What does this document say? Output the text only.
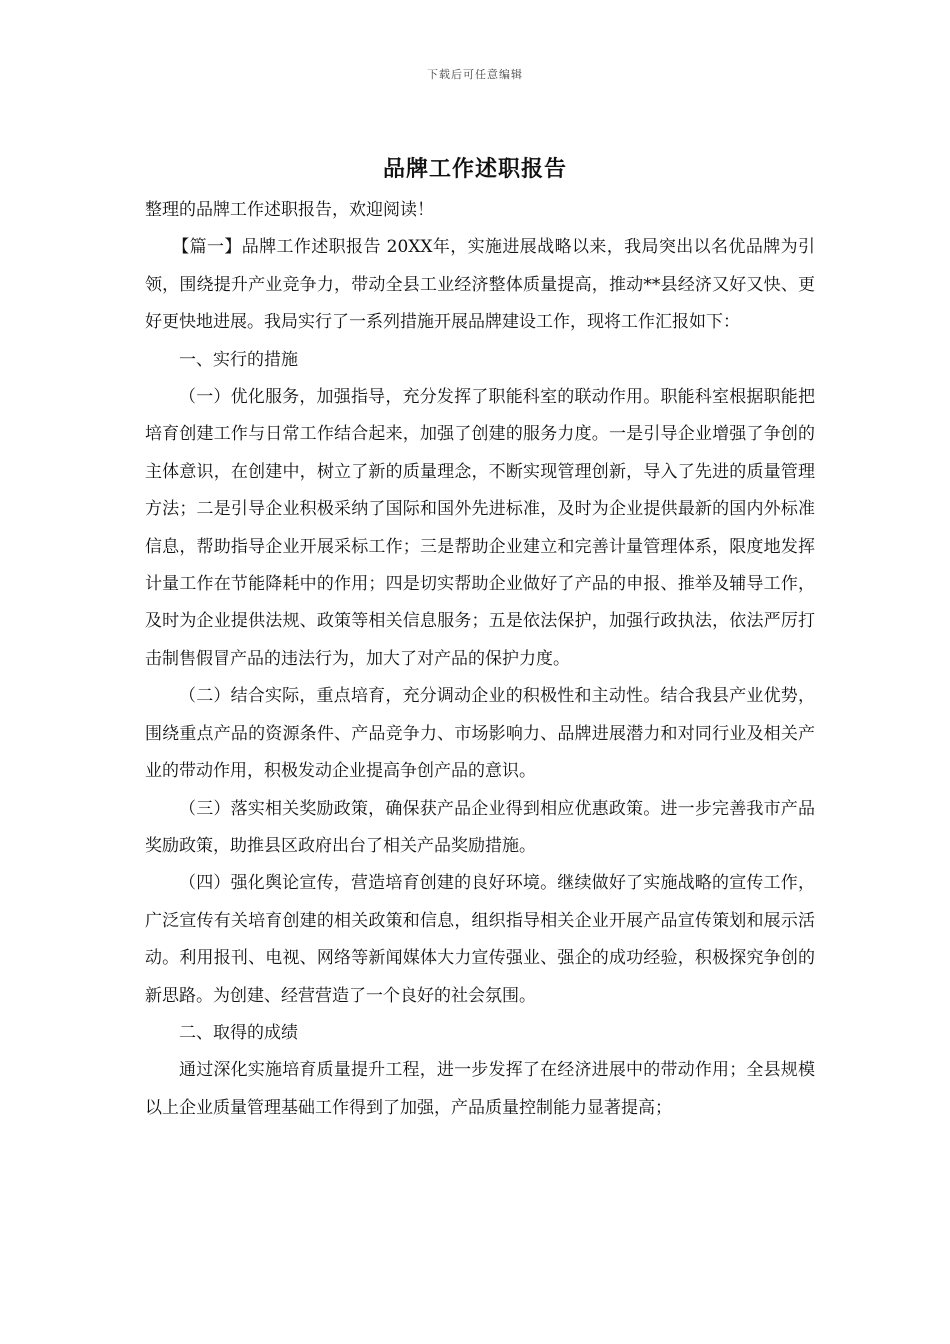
下载后可任意编辑
品牌工作述职报告

整理的品牌工作述职报告，欢迎阅读！

【篇一】品牌工作述职报告 20XX年，实施进展战略以来，我局突出以名优品牌为引领，围绕提升产业竞争力，带动全县工业经济整体质量提高，推动**县经济又好又快、更好更快地进展。我局实行了一系列措施开展品牌建设工作，现将工作汇报如下：

一、实行的措施

（一）优化服务，加强指导，充分发挥了职能科室的联动作用。职能科室根据职能把培育创建工作与日常工作结合起来，加强了创建的服务力度。一是引导企业增强了争创的主体意识，在创建中，树立了新的质量理念，不断实现管理创新，导入了先进的质量管理方法；二是引导企业积极采纳了国际和国外先进标准，及时为企业提供最新的国内外标准信息，帮助指导企业开展采标工作；三是帮助企业建立和完善计量管理体系，限度地发挥计量工作在节能降耗中的作用；四是切实帮助企业做好了产品的申报、推举及辅导工作，及时为企业提供法规、政策等相关信息服务；五是依法保护，加强行政执法，依法严厉打击制售假冒产品的违法行为，加大了对产品的保护力度。

（二）结合实际，重点培育，充分调动企业的积极性和主动性。结合我县产业优势，围绕重点产品的资源条件、产品竞争力、市场影响力、品牌进展潜力和对同行业及相关产业的带动作用，积极发动企业提高争创产品的意识。

（三）落实相关奖励政策，确保获产品企业得到相应优惠政策。进一步完善我市产品奖励政策，助推县区政府出台了相关产品奖励措施。

（四）强化舆论宣传，营造培育创建的良好环境。继续做好了实施战略的宣传工作，广泛宣传有关培育创建的相关政策和信息，组织指导相关企业开展产品宣传策划和展示活动。利用报刊、电视、网络等新闻媒体大力宣传强业、强企的成功经验，积极探究争创的新思路。为创建、经营营造了一个良好的社会氛围。

二、取得的成绩

通过深化实施培育质量提升工程，进一步发挥了在经济进展中的带动作用；全县规模以上企业质量管理基础工作得到了加强，产品质量控制能力显著提高；
